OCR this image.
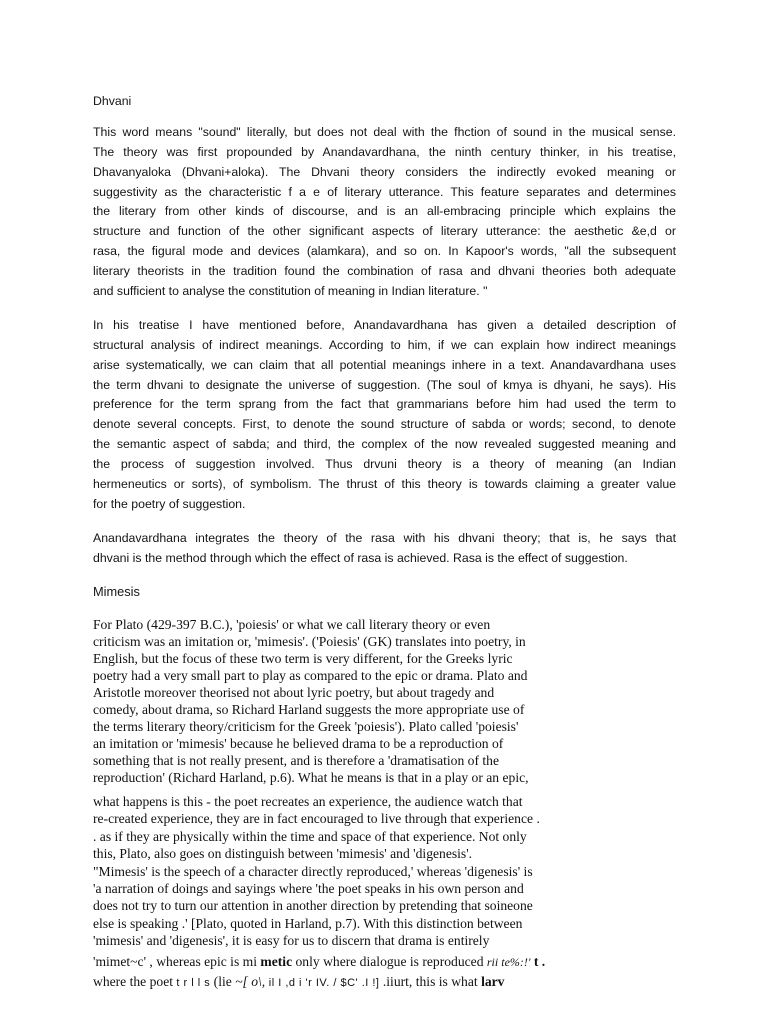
Dhvani
This word means "sound" literally, but does not deal with the fhction of sound in the musical sense.
The theory was first propounded by Anandavardhana, the ninth century thinker, in his treatise,
Dhavanyaloka (Dhvani+aloka). The Dhvani theory considers the indirectly evoked meaning or
suggestivity as the characteristic f a e of literary utterance. This feature separates and determines
the literary from other kinds of discourse, and is an all-embracing principle which explains the
structure and function of the other significant aspects of literary utterance: the aesthetic &e,d or
rasa, the figural mode and devices (alamkara), and so on. In Kapoor's words, "all the subsequent
literary theorists in the tradition found the combination of rasa and dhvani theories both adequate
and sufficient to analyse the constitution of meaning in Indian literature. "
In his treatise I have mentioned before, Anandavardhana has given a detailed description of
structural analysis of indirect meanings. According to him, if we can explain how indirect meanings
arise systematically, we can claim that all potential meanings inhere in a text. Anandavardhana uses
the term dhvani to designate the universe of suggestion. (The soul of kmya is dhyani, he says). His
preference for the term sprang from the fact that grammarians before him had used the term to
denote several concepts. First, to denote the sound structure of sabda or words; second, to denote
the semantic aspect of sabda; and third, the complex of the now revealed suggested meaning and
the process of suggestion involved. Thus drvuni theory is a theory of meaning (an Indian
hermeneutics or sorts), of symbolism. The thrust of this theory is towards claiming a greater value
for the poetry of suggestion.
Anandavardhana integrates the theory of the rasa with his dhvani theory; that is, he says that
dhvani is the method through which the effect of rasa is achieved. Rasa is the effect of suggestion.
Mimesis
For Plato (429-397 B.C.), 'poiesis' or what we call literary theory or even
criticism was an imitation or, 'mimesis'. ('Poiesis' (GK) translates into poetry, in
English, but the focus of these two term is very different, for the Greeks lyric
poetry had a very small part to play as compared to the epic or drama. Plato and
Aristotle moreover theorised not about lyric poetry, but about tragedy and
comedy, about drama, so Richard Harland suggests the more appropriate use of
the terms literary theory/criticism for the Greek 'poiesis'). Plato called 'poiesis'
an imitation or 'mimesis' because he believed drama to be a reproduction of
something that is not really present, and is therefore a 'dramatisation of the
reproduction' (Richard Harland, p.6). What he means is that in a play or an epic,
what happens is this - the poet recreates an experience, the audience watch that
re-created experience, they are in fact encouraged to live through that experience .
. as if they are physically within the time and space of that experience. Not only
this, Plato, also goes on distinguish between 'mimesis' and 'digenesis'.
"Mimesis' is the speech of a character directly reproduced,' whereas 'digenesis' is
'a narration of doings and sayings where 'the poet speaks in his own person and
does not try to turn our attention in another direction by pretending that soineone
else is speaking .' [Plato, quoted in Harland, p.7). With this distinction between
'mimesis' and 'digenesis', it is easy for us to discern that drama is entirely
'mimet~c' , whereas epic is mi metic only where dialogue is reproduced rii te%:!' t .
where the poet t r l l s (lie ~[ o\, il I ,d i 'r IV. / $C' .I !] .iiurt, this is what larv
